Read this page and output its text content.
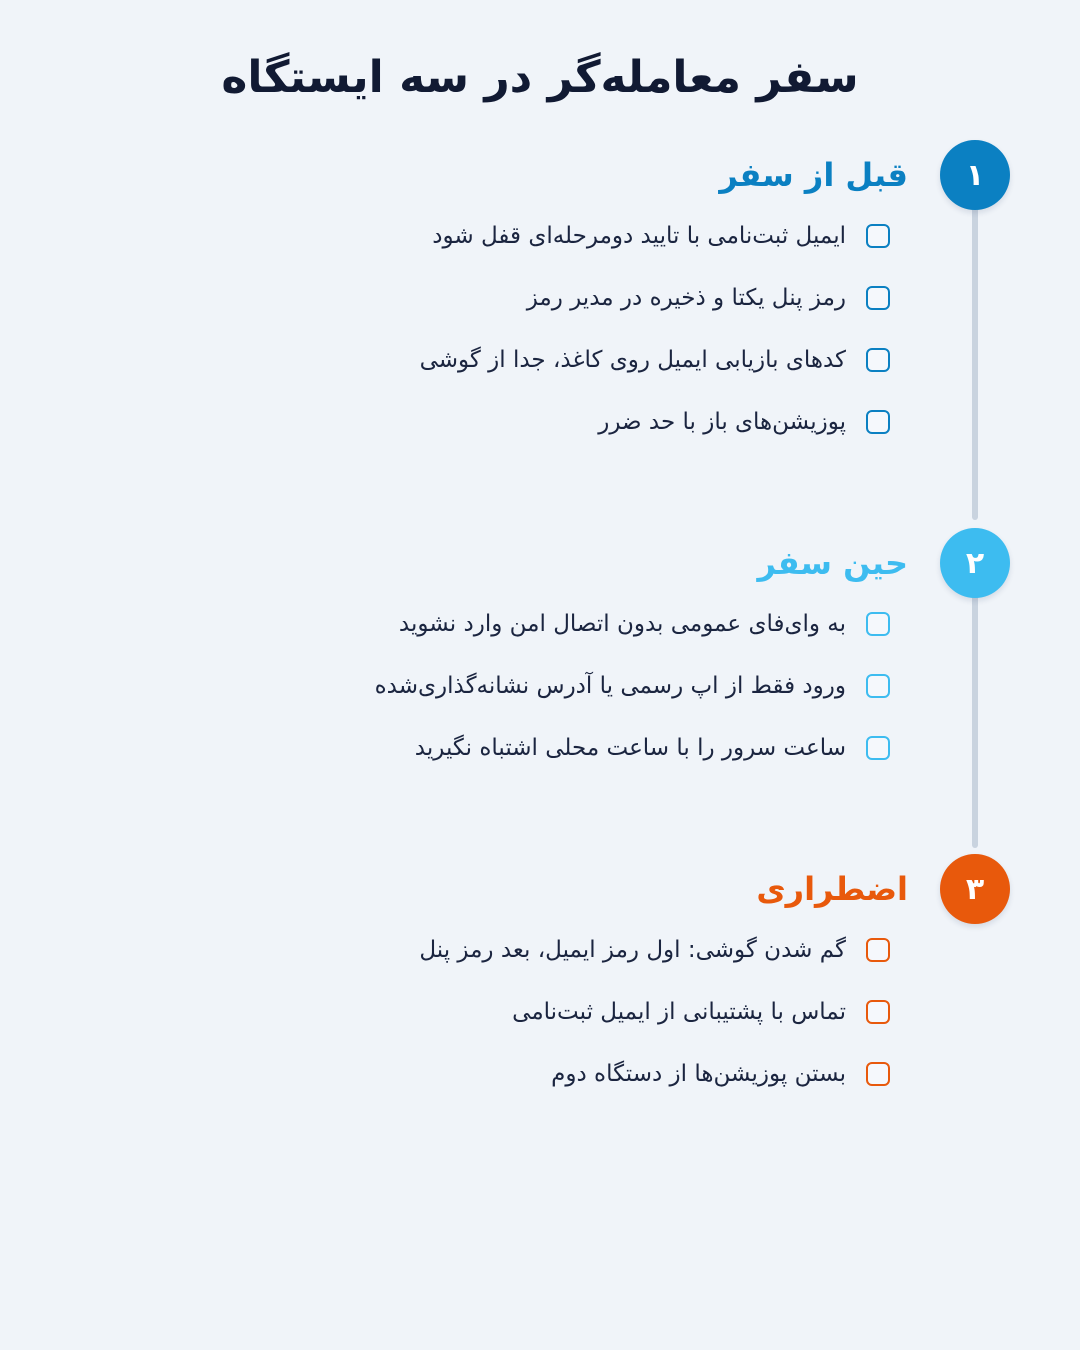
سفر معامله‌گر در سه ایستگاه
۱
قبل از سفر
ایمیل ثبت‌نامی با تایید دومرحله‌ای قفل شود
رمز پنل یکتا و ذخیره در مدیر رمز
کدهای بازیابی ایمیل روی کاغذ، جدا از گوشی
پوزیشن‌های باز با حد ضرر
۲
حین سفر
به وای‌فای عمومی بدون اتصال امن وارد نشوید
ورود فقط از اپ رسمی یا آدرس نشانه‌گذاری‌شده
ساعت سرور را با ساعت محلی اشتباه نگیرید
۳
اضطراری
گم شدن گوشی: اول رمز ایمیل، بعد رمز پنل
تماس با پشتیبانی از ایمیل ثبت‌نامی
بستن پوزیشن‌ها از دستگاه دوم
